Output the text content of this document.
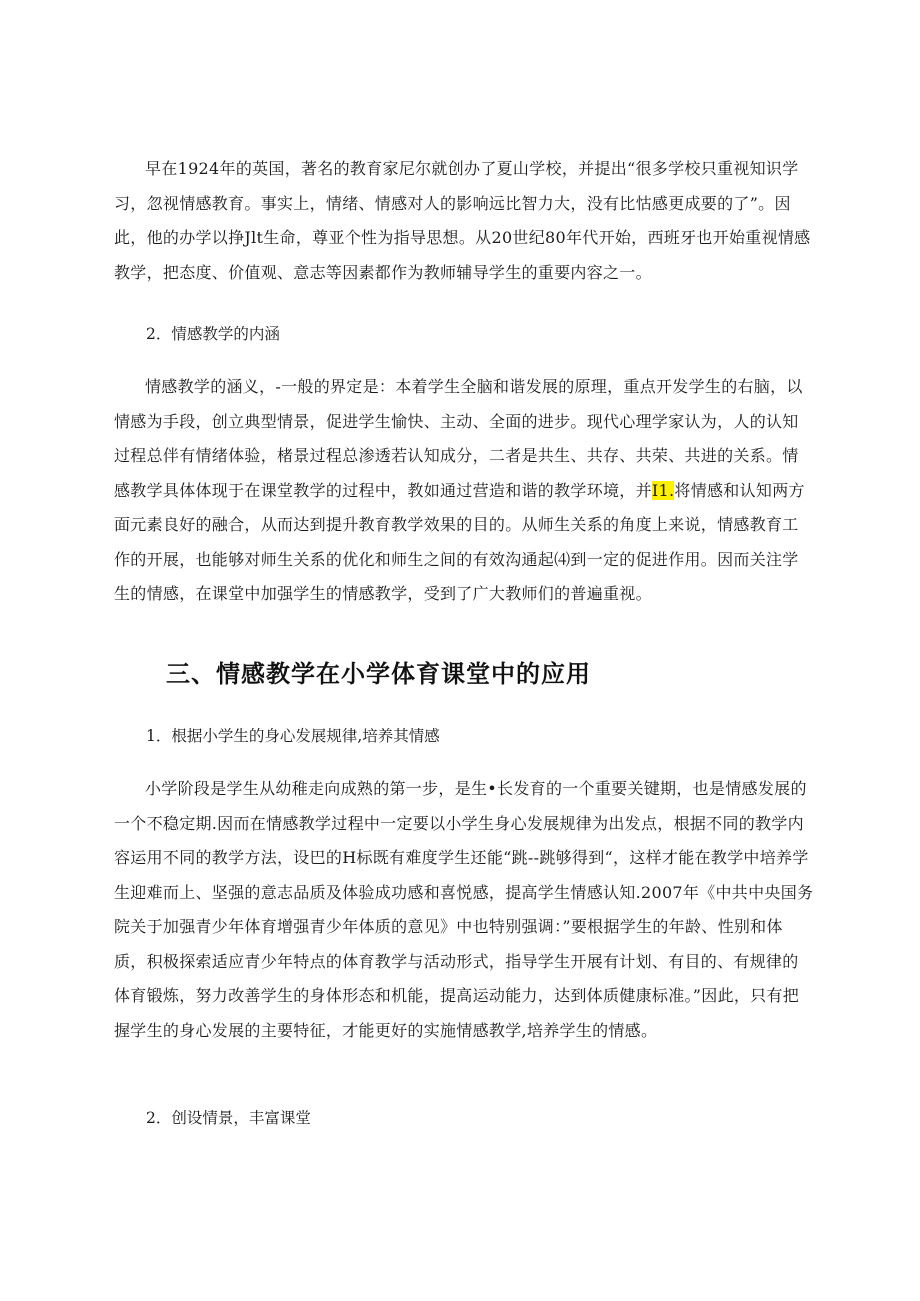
早在1924年的英国，著名的教育家尼尔就创办了夏山学校，并提出“很多学校只重视知识学习，忽视情感教育。事实上，情绪、情感对人的影响远比智力大，没有比怙感更成要的了”。因此，他的办学以挣Jlt生命，尊亚个性为指导思想。从20世纪80年代开始，西班牙也开始重视情感教学，把态度、价值观、意志等因素都作为教师辅导学生的重要内容之一。

2．情感教学的内涵

情感教学的涵义，-一般的界定是：本着学生全脑和谐发展的原理，重点开发学生的右脑，以情感为手段，创立典型情景，促进学生愉快、主动、全面的进步。现代心理学家认为，人的认知过程总伴有情绪体验，楮景过程总渗透若认知成分，二者是共生、共存、共荣、共进的关系。情感教学具体体现于在课堂教学的过程中，教如通过营造和谐的教学环境，并I1.将情感和认知两方面元素良好的融合，从而达到提升教育教学效果的目的。从师生关系的角度上来说，情感教育工作的开展，也能够对师生关系的优化和师生之间的有效沟通起⑷到一定的促进作用。因而关注学生的情感，在课堂中加强学生的情感教学，受到了广大教师们的普遍重视。

三、情感教学在小学体育课堂中的应用

1．根据小学生的身心发展规律,培养其情感

小学阶段是学生从幼稚走向成熟的第一步，是生•长发育的一个重要关键期，也是情感发展的一个不稳定期.因而在情感教学过程中一定要以小学生身心发展规律为出发点，根据不同的教学内容运用不同的教学方法，设巴的H标既有难度学生还能“跳--跳够得到“，这样才能在教学中培养学生迎难而上、坚强的意志品质及体验成功感和喜悦感，提高学生情感认知.2007年《中共中央国务院关于加强青少年体育增强青少年体质的意见》中也特别强调：”要根据学生的年龄、性别和体质，积极探索适应青少年特点的体育教学与活动形式，指导学生开展有计划、有目的、有规律的体育锻炼，努力改善学生的身体形态和机能，提高运动能力，达到体质健康标准。”因此，只有把握学生的身心发展的主要特征，才能更好的实施情感教学,培养学生的情感。

2．创设情景，丰富课堂
